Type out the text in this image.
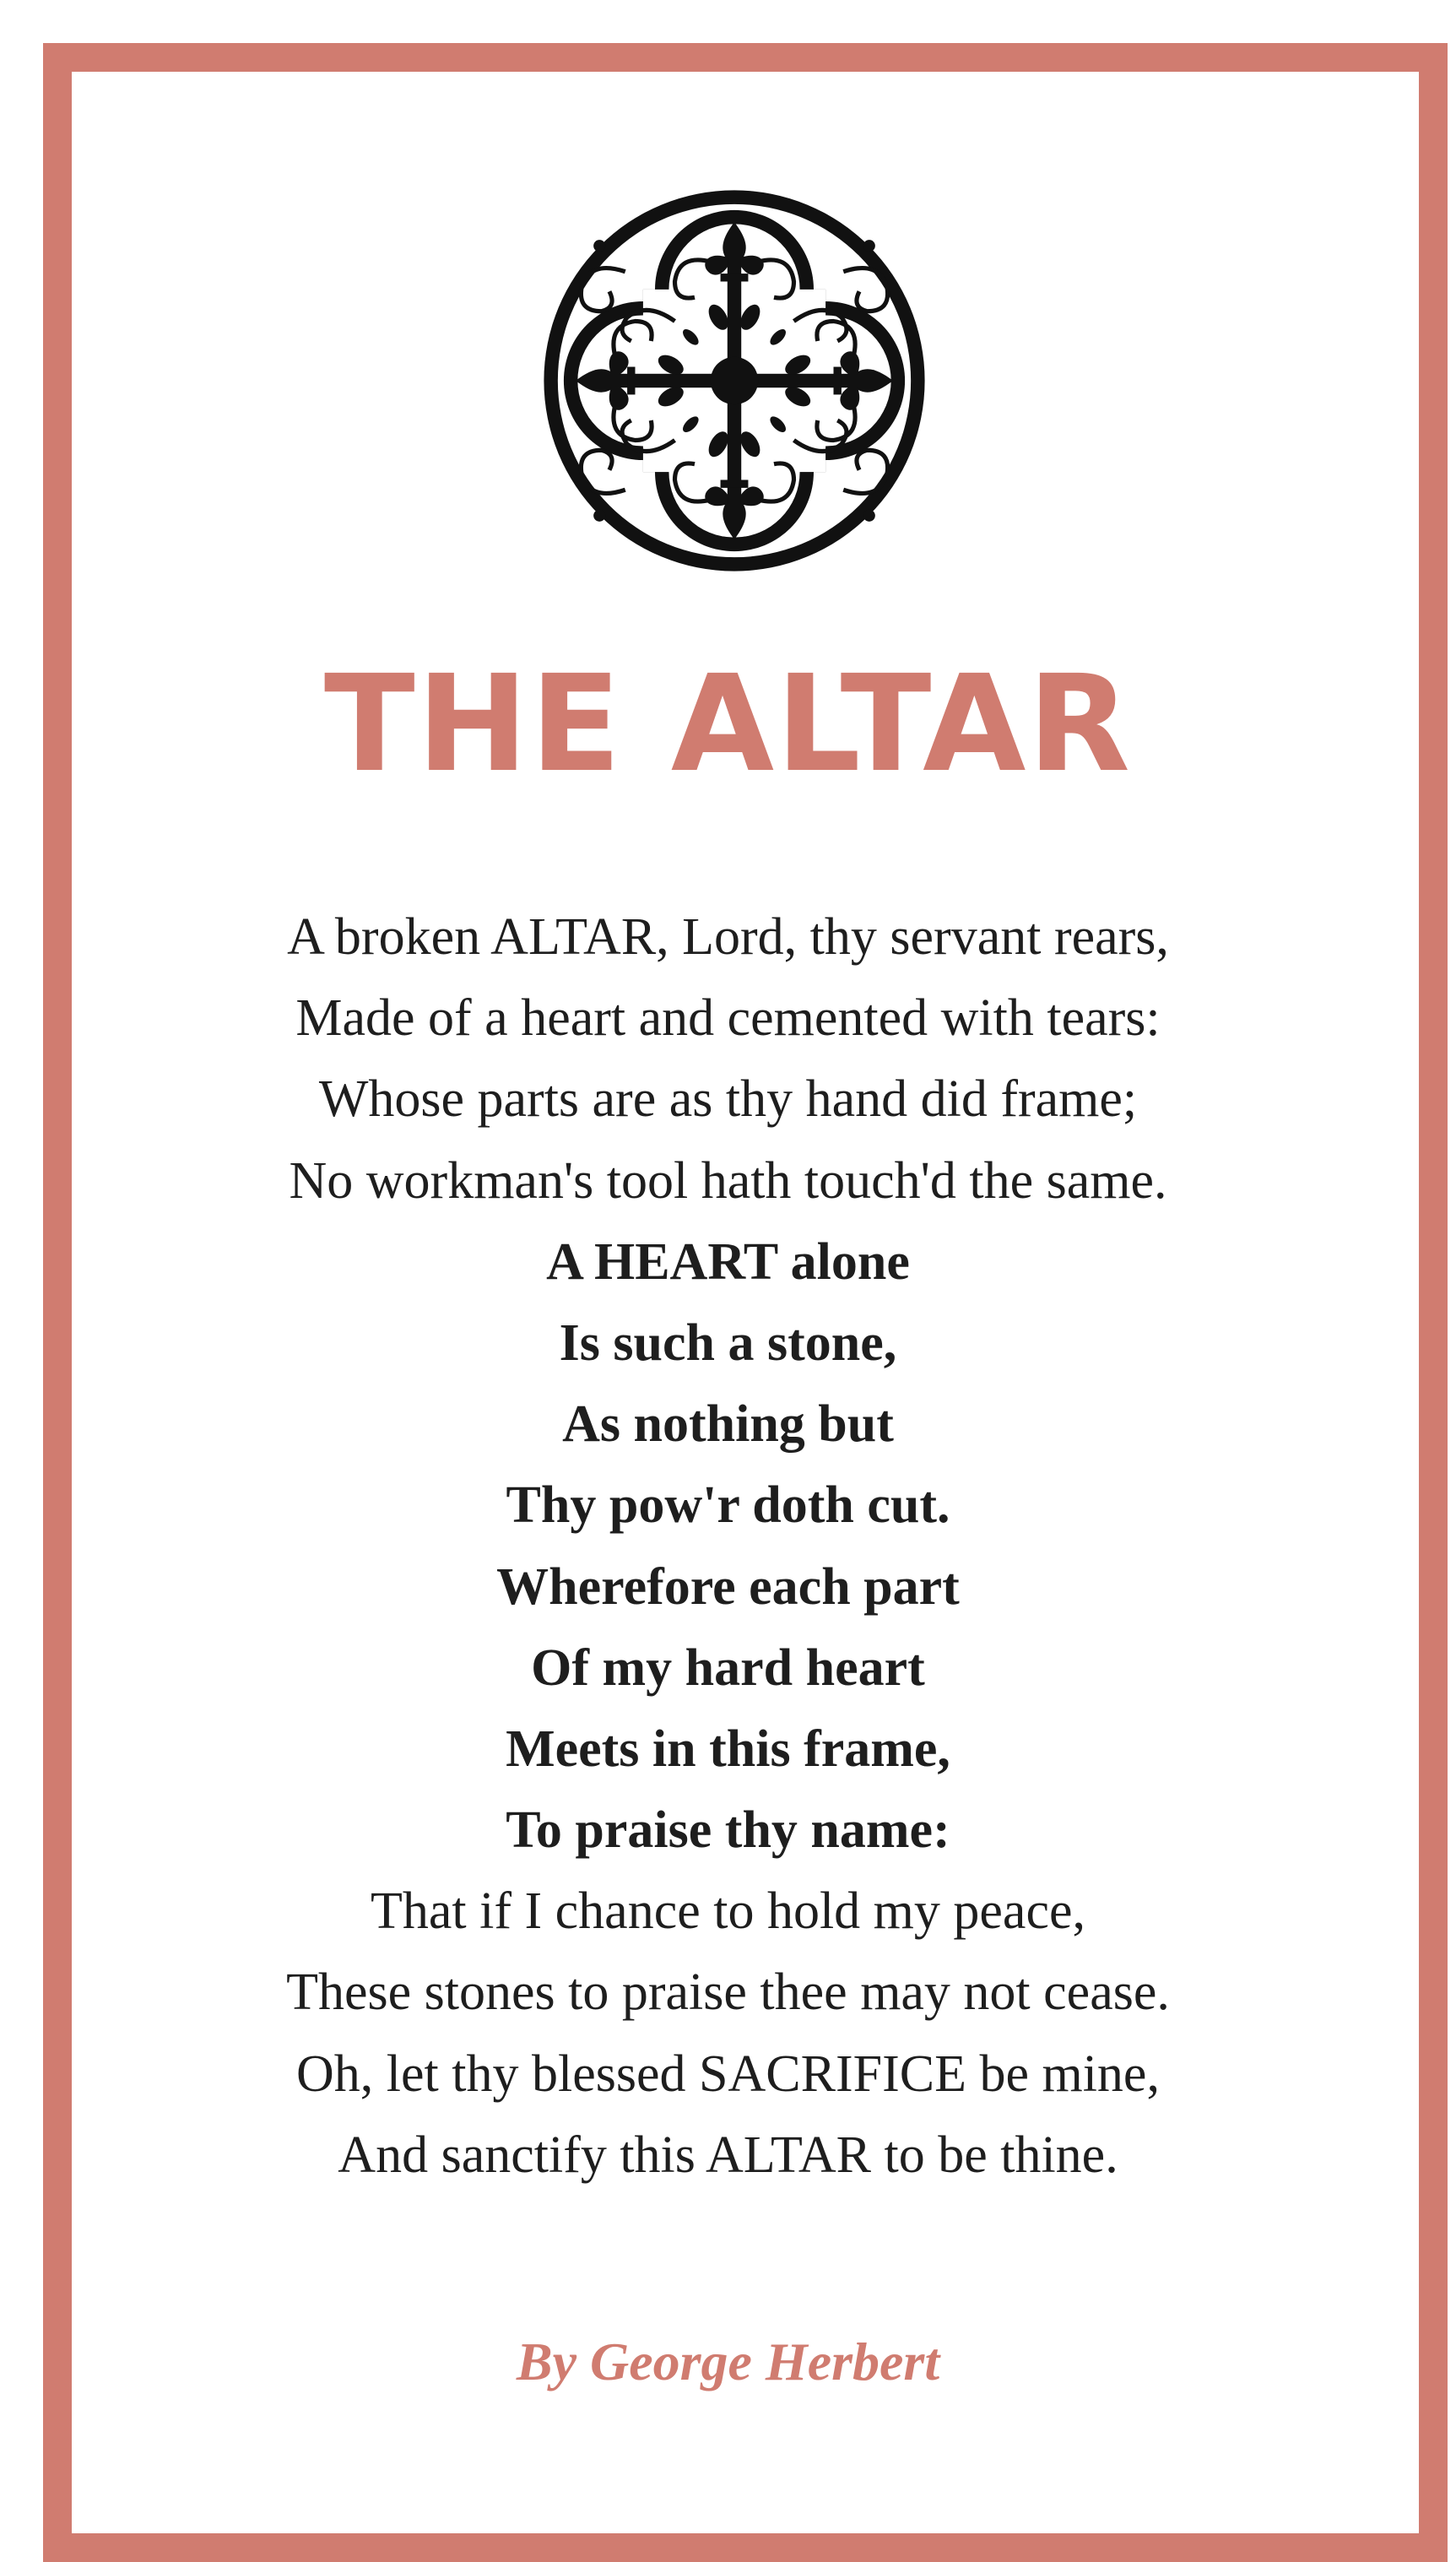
THE ALTAR
A broken ALTAR, Lord, thy servant rears,
Made of a heart and cemented with tears:
Whose parts are as thy hand did frame;
No workman's tool hath touch'd the same.
A HEART alone
Is such a stone,
As nothing but
Thy pow'r doth cut.
Wherefore each part
Of my hard heart
Meets in this frame,
To praise thy name:
That if I chance to hold my peace,
These stones to praise thee may not cease.
Oh, let thy blessed SACRIFICE be mine,
And sanctify this ALTAR to be thine.

By George Herbert
